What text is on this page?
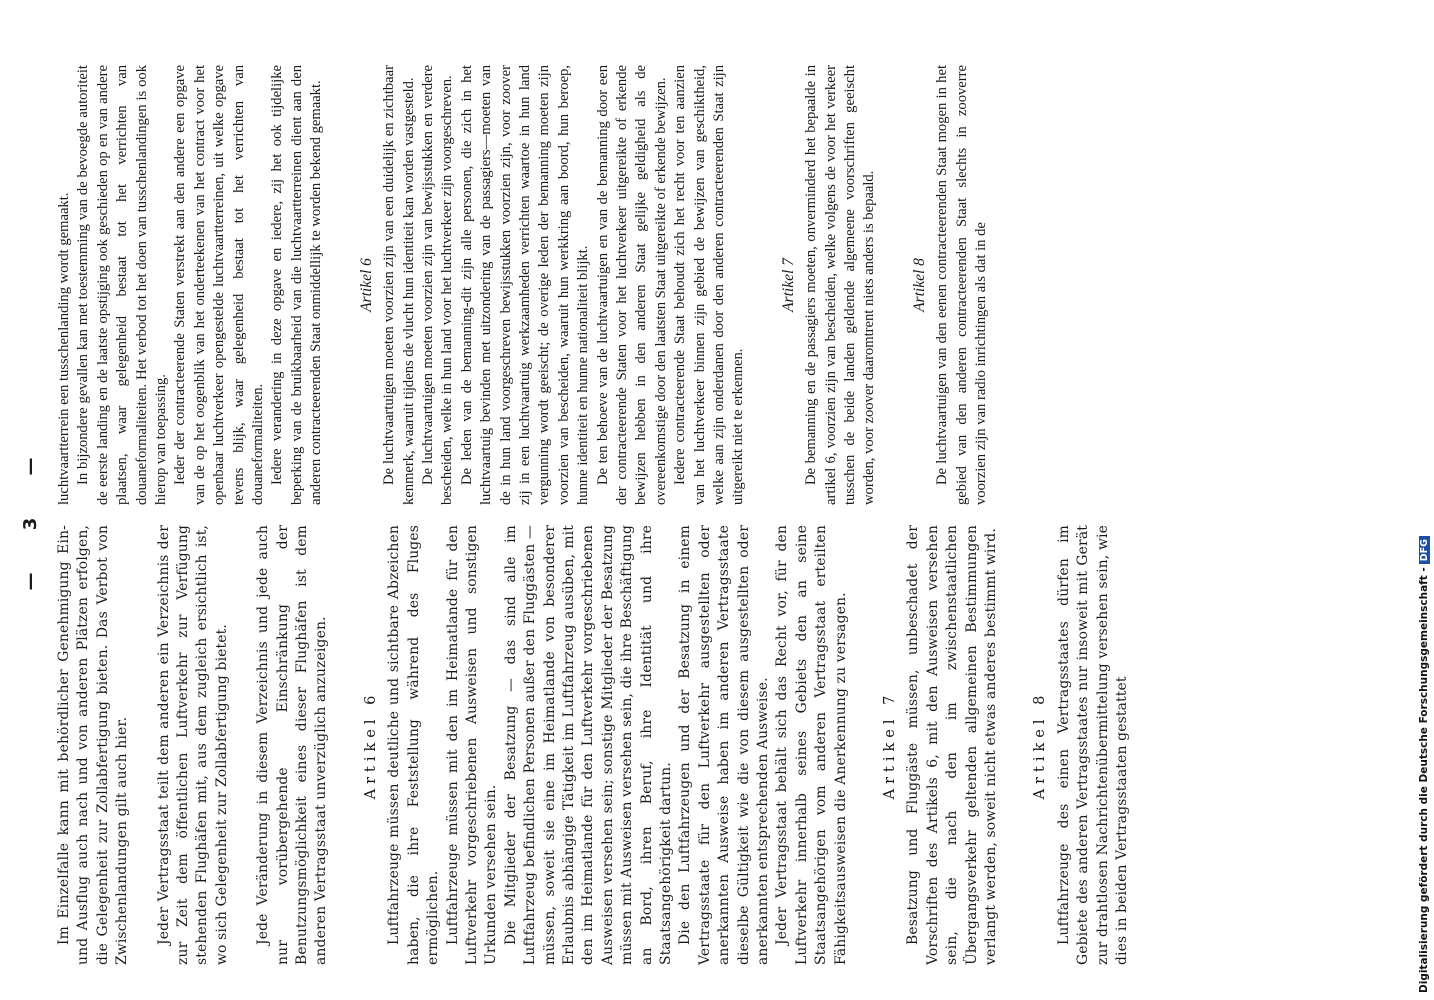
— 3 —

Im Einzelfalle kann mit behördlicher Genehmigung Ein- und Ausflug auch nach und von anderen Plätzen erfolgen, die Gelegenheit zur Zollabfertigung bieten. Das Verbot von Zwischenlandungen gilt auch hier. Jeder Vertragsstaat teilt dem anderen ein Verzeichnis der zur Zeit dem öffentlichen Luftverkehr zur Verfügung stehenden Flughäfen mit, aus dem zugleich ersichtlich ist, wo sich Gelegenheit zur Zollabfertigung bietet. Jede Veränderung in diesem Verzeichnis und jede auch nur vorübergehende Einschränkung der Benutzungsmöglichkeit eines dieser Flughäfen ist dem anderen Vertragsstaat unverzüglich anzuzeigen. Artikel 6 Luftfahrzeuge müssen deutliche und sichtbare Abzeichen haben, die ihre Feststellung während des Fluges ermöglichen. Luftfahrzeuge müssen mit den im Heimatlande für den Luftverkehr vorgeschriebenen Ausweisen und sonstigen Urkunden versehen sein. Die Mitglieder der Besatzung — das sind alle im Luftfahrzeug befindlichen Personen außer den Fluggästen — müssen, soweit sie eine im Heimatlande von besonderer Erlaubnis abhängige Tätigkeit im Luftfahrzeug ausüben, mit den im Heimatlande für den Luftverkehr vorgeschriebenen Ausweisen versehen sein; sonstige Mitglieder der Besatzung müssen mit Ausweisen versehen sein, die ihre Beschäftigung an Bord, ihren Beruf, ihre Identität und ihre Staatsangehörigkeit dartun. Die den Luftfahrzeugen und der Besatzung in einem Vertragsstaate für den Luftverkehr ausgestellten oder anerkannten Ausweise haben im anderen Vertragsstaate dieselbe Gültigkeit wie die von diesem ausgestellten oder anerkannten entsprechenden Ausweise. Jeder Vertragsstaat behält sich das Recht vor, für den Luftverkehr innerhalb seines Gebiets den an seine Staatsangehörigen vom anderen Vertragsstaat erteilten Fähigkeitsausweisen die Anerkennung zu versagen. Artikel 7 Besatzung und Fluggäste müssen, unbeschadet der Vorschriften des Artikels 6, mit den Ausweisen versehen sein, die nach den im zwischenstaatlichen Übergangsverkehr geltenden allgemeinen Bestimmungen verlangt werden, soweit nicht etwas anderes bestimmt wird. Artikel 8 Luftfahrzeuge des einen Vertragsstaates dürfen im Gebiete des anderen Vertragsstaates nur insoweit mit Gerät zur drahtlosen Nachrichtenübermittelung versehen sein, wie dies in beiden Vertragsstaaten gestattet

luchtvaartterrein een tusschenlanding wordt gemaakt. In bijzondere gevallen kan met toestemming van de bevoegde autoriteit de eerste landing en de laatste opstijging ook geschieden op en van andere plaatsen, waar gelegenheid bestaat tot het verrichten van douaneformaliteiten. Het verbod tot het doen van tusschenlandingen is ook hierop van toepassing. Ieder der contracteerende Staten verstrekt aan den andere een opgave van de op het oogenblik van het onderteekenen van het contract voor het openbaar luchtverkeer opengestelde luchtvaartterreinen, uit welke opgave tevens blijk, waar gelegenheid bestaat tot het verrichten van douaneformaliteiten. Iedere verandering in deze opgave en iedere, zij het ook tijdelijke beperking van de bruikbaarheid van die luchtvaartterreinen dient aan den anderen contracteerenden Staat onmiddellijk te worden bekend gemaakt. Artikel 6 De luchtvaartuigen moeten voorzien zijn van een duidelijk en zichtbaar kenmerk, waaruit tijdens de vlucht hun identiteit kan worden vastgesteld. De luchtvaartuigen moeten voorzien zijn van bewijsstukken en verdere bescheiden, welke in hun land voor het luchtverkeer zijn voorgeschreven. De leden van de bemanning-dit zijn alle personen, die zich in het luchtvaartuig bevinden met uitzondering van de passagiers—moeten van de in hun land voorgeschreven bewijsstukken voorzien zijn, voor zoover zij in een luchtvaartuig werkzaamheden verrichten waartoe in hun land vergunning wordt geeischt; de overige leden der bemanning moeten zijn voorzien van bescheiden, waaruit hun werkkring aan boord, hun beroep, hunne identiteit en hunne nationaliteit blijkt. De ten behoeve van de luchtvaartuigen en van de bemanning door een der contracteerende Staten voor het luchtverkeer uitgereikte of erkende bewijzen hebben in den anderen Staat gelijke geldigheid als de overeenkomstige door den laatsten Staat uitgereikte of erkende bewijzen. Iedere contracteerende Staat behoudt zich het recht voor ten aanzien van het luchtverkeer binnen zijn gebied de bewijzen van geschiktheid, welke aan zijn onderdanen door den anderen contracteerenden Staat zijn uitgereikt niet te erkennen.

Artikel 7 De bemanning en de passagiers moeten, onverminderd het bepaalde in artikel 6, voorzien zijn van bescheiden, welke volgens de voor het verkeer tusschen de beide landen geldende algemeene voorschriften geeischt worden, voor zoover daaromtrent niets anders is bepaald. Artikel 8 De luchtvaartuigen van den eenen contracteerenden Staat mogen in het gebied van den anderen contracteerenden Staat slechts in zooverre voorzien zijn van radio inrichtingen als dat in de

Digitalisierung gefördert durch die Deutsche Forschungsgemeinschaft -DFG
